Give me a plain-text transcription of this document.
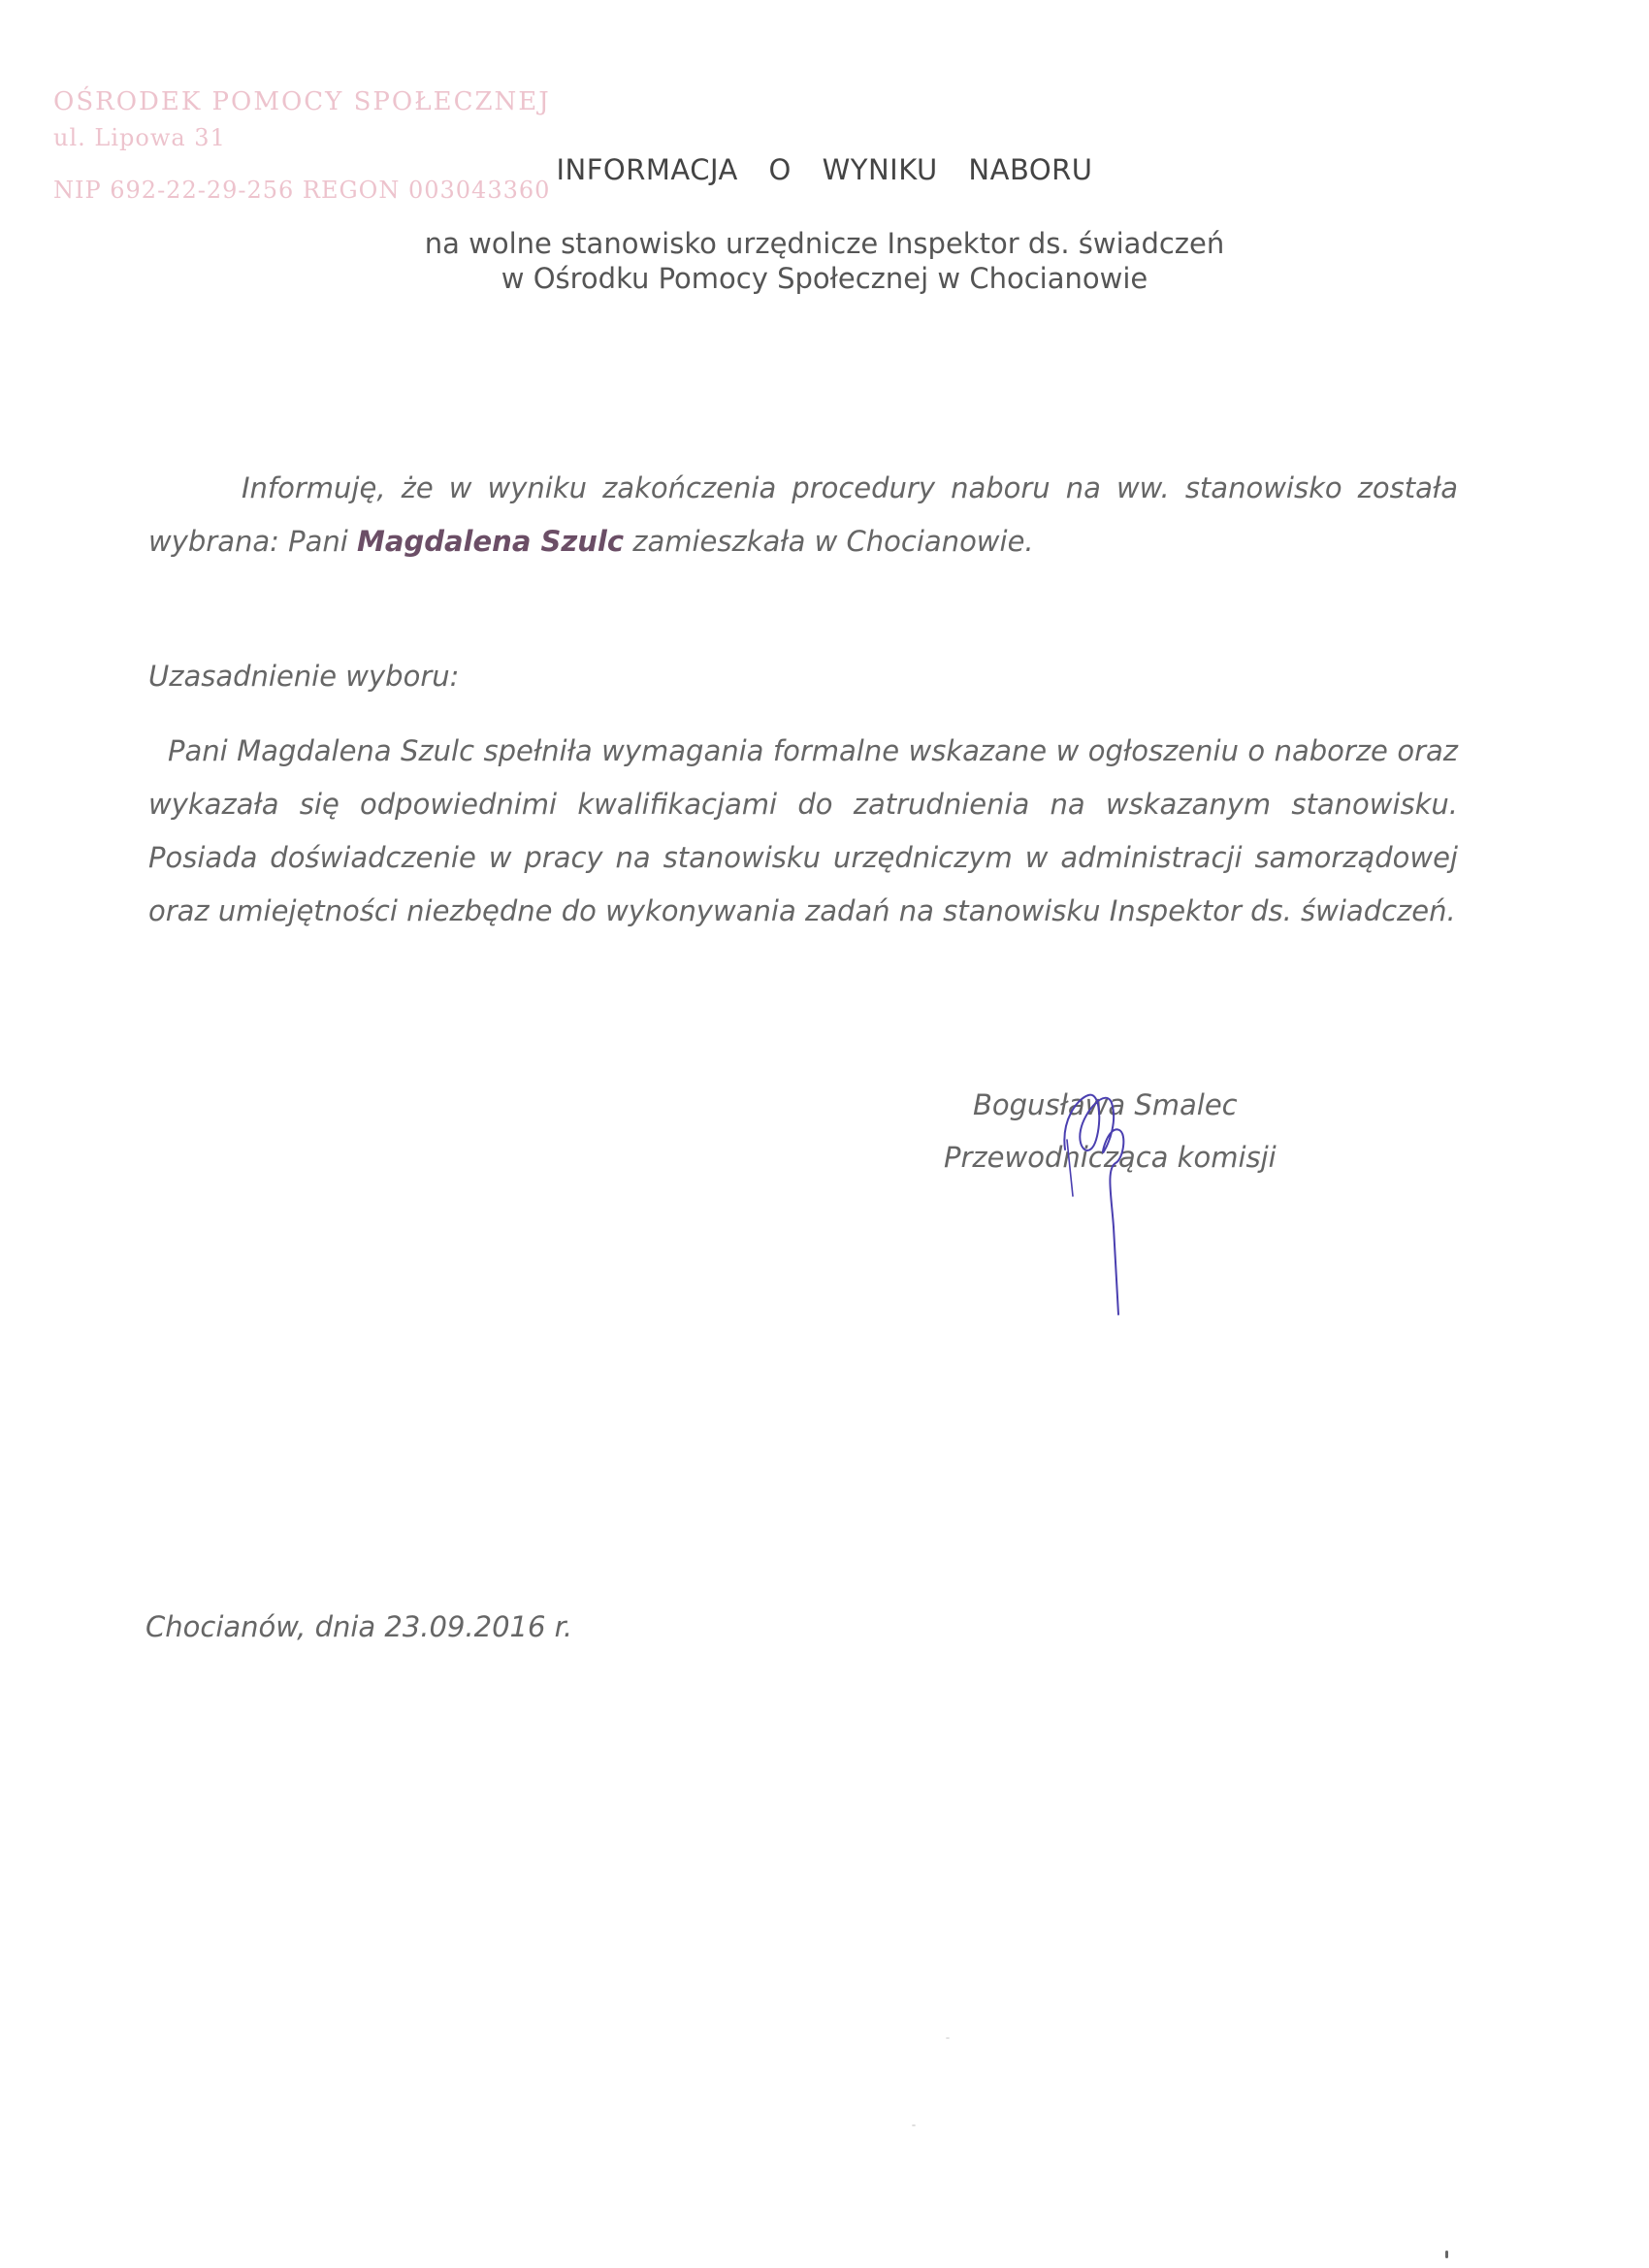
OŚRODEK POMOCY SPOŁECZNEJ
ul. Lipowa 31
NIP 692-22-29-256 REGON 003043360
INFORMACJA O WYNIKU NABORU

na wolne stanowisko urzędnicze Inspektor ds. świadczeń

w Ośrodku Pomocy Społecznej w Chocianowie

Informuję, że w wyniku zakończenia procedury naboru na ww. stanowisko została wybrana: Pani Magdalena Szulc zamieszkała w Chocianowie.

Uzasadnienie wyboru:

Pani Magdalena Szulc spełniła wymagania formalne wskazane w ogłoszeniu o naborze oraz wykazała się odpowiednimi kwalifikacjami do zatrudnienia na wskazanym stanowisku. Posiada doświadczenie w pracy na stanowisku urzędniczym w administracji samorządowej oraz umiejętności niezbędne do wykonywania zadań na stanowisku Inspektor ds. świadczeń.

Bogusława Smalec
Przewodnicząca komisji
Chocianów, dnia 23.09.2016 r.
